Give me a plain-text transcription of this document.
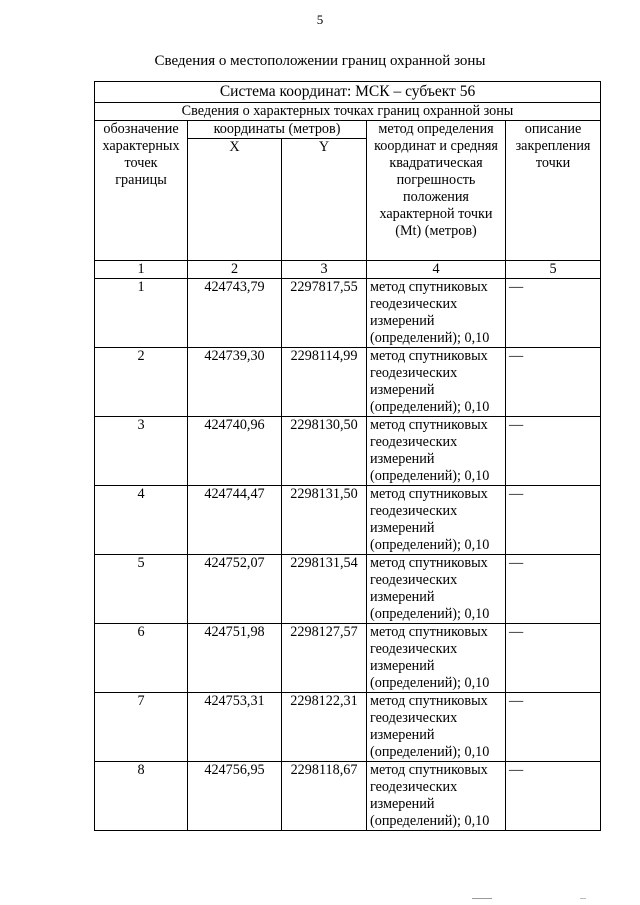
5
Сведения о местоположении границ охранной зоны
Система координат: МСК – субъект 56				
Сведения о характерных точках границ охранной зоны				
обозначение характерных точек границы	координаты (метров)		метод определения координат и средняя квадратическая погрешность положения характерной точки (Mt) (метров)	описание закрепления точки
	X	Y		
1	2	3	4	5
1	424743,79	2297817,55	метод спутниковых геодезических измерений (определений); 0,10	—
2	424739,30	2298114,99	метод спутниковых геодезических измерений (определений); 0,10	—
3	424740,96	2298130,50	метод спутниковых геодезических измерений (определений); 0,10	—
4	424744,47	2298131,50	метод спутниковых геодезических измерений (определений); 0,10	—
5	424752,07	2298131,54	метод спутниковых геодезических измерений (определений); 0,10	—
6	424751,98	2298127,57	метод спутниковых геодезических измерений (определений); 0,10	—
7	424753,31	2298122,31	метод спутниковых геодезических измерений (определений); 0,10	—
8	424756,95	2298118,67	метод спутниковых геодезических измерений (определений); 0,10	—
